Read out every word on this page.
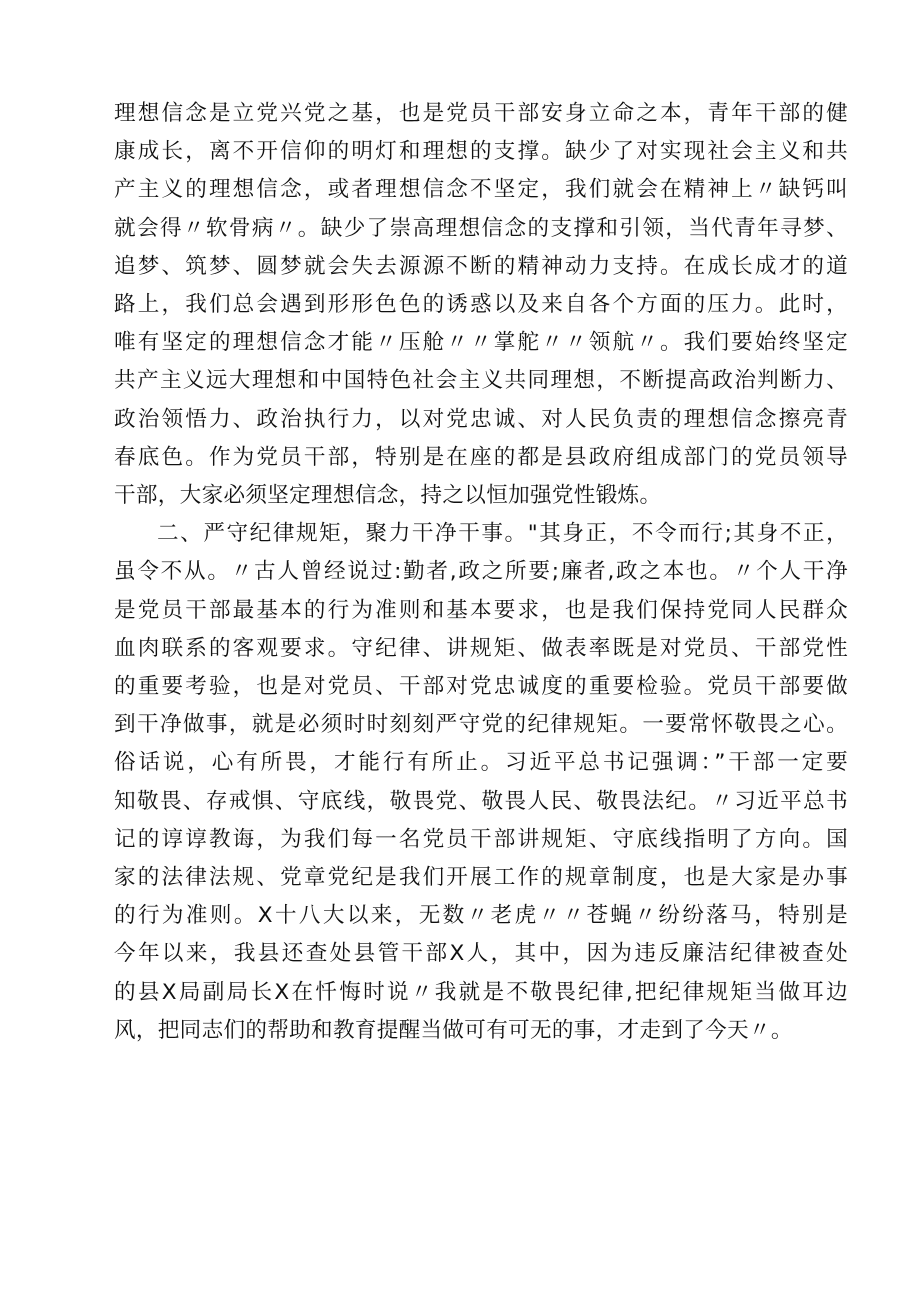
理想信念是立党兴党之基，也是党员干部安身立命之本，青年干部的健
康成长，离不开信仰的明灯和理想的支撑。缺少了对实现社会主义和共
产主义的理想信念，或者理想信念不坚定，我们就会在精神上〃缺钙叫
就会得〃软骨病〃。缺少了崇高理想信念的支撑和引领，当代青年寻梦、
追梦、筑梦、圆梦就会失去源源不断的精神动力支持。在成长成才的道
路上，我们总会遇到形形色色的诱惑以及来自各个方面的压力。此时，
唯有坚定的理想信念才能〃压舱〃〃掌舵〃〃领航〃。我们要始终坚定
共产主义远大理想和中国特色社会主义共同理想，不断提高政治判断力、
政治领悟力、政治执行力，以对党忠诚、对人民负责的理想信念擦亮青
春底色。作为党员干部，特别是在座的都是县政府组成部门的党员领导
干部，大家必须坚定理想信念，持之以恒加强党性锻炼。
二、严守纪律规矩，聚力干净干事。"其身正，不令而行;其身不正，
虽令不从。〃古人曾经说过:勤者,政之所要;廉者,政之本也。〃个人干净
是党员干部最基本的行为准则和基本要求，也是我们保持党同人民群众
血肉联系的客观要求。守纪律、讲规矩、做表率既是对党员、干部党性
的重要考验，也是对党员、干部对党忠诚度的重要检验。党员干部要做
到干净做事，就是必须时时刻刻严守党的纪律规矩。一要常怀敬畏之心。
俗话说，心有所畏，才能行有所止。习近平总书记强调：”干部一定要
知敬畏、存戒惧、守底线，敬畏党、敬畏人民、敬畏法纪。〃习近平总书
记的谆谆教诲，为我们每一名党员干部讲规矩、守底线指明了方向。国
家的法律法规、党章党纪是我们开展工作的规章制度，也是大家是办事
的行为准则。X十八大以来，无数〃老虎〃〃苍蝇〃纷纷落马，特别是
今年以来，我县还查处县管干部X人，其中，因为违反廉洁纪律被查处
的县X局副局长X在忏悔时说〃我就是不敬畏纪律,把纪律规矩当做耳边
风，把同志们的帮助和教育提醒当做可有可无的事，才走到了今天〃。
